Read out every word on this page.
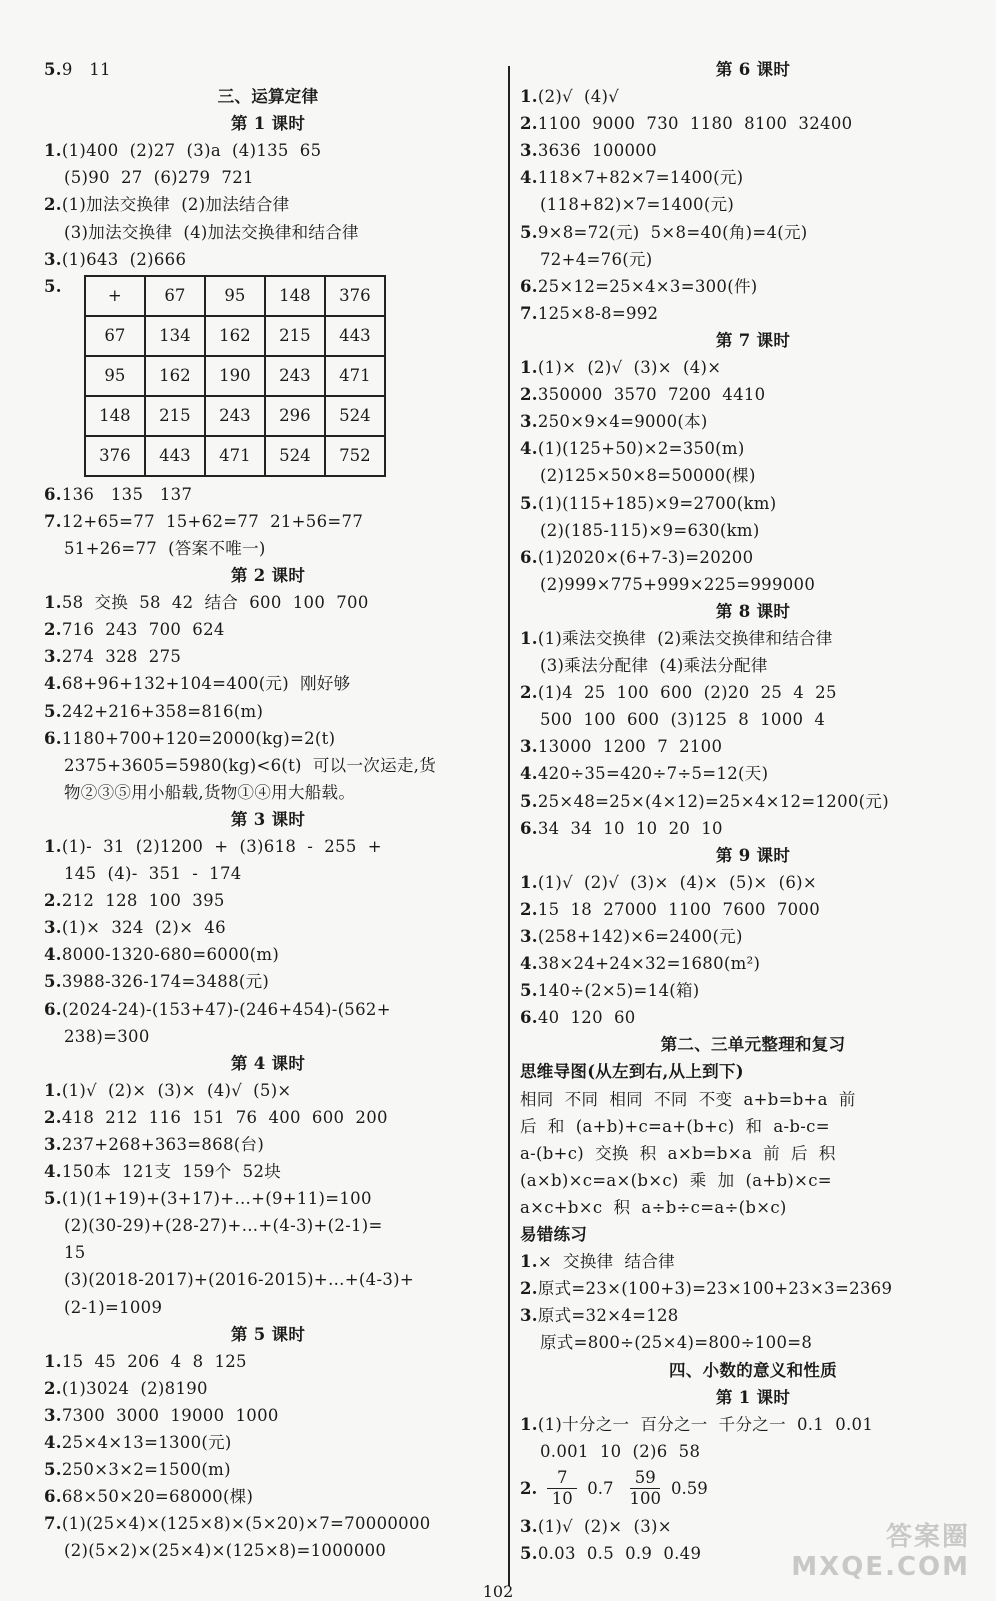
5.9   11
三、运算定律
第 1 课时
1.(1)400  (2)27  (3)a  (4)135  65
(5)90  27  (6)279  721
2.(1)加法交换律  (2)加法结合律
(3)加法交换律  (4)加法交换律和结合律
3.(1)643  (2)666
5.	+	67	95	148	376
67	134	162	215	443
95	162	190	243	471
148	215	243	296	524
376	443	471	524	752
6.136   135   137
7.12+65=77  15+62=77  21+56=77
51+26=77  (答案不唯一)
第 2 课时
1.58  交换  58  42  结合  600  100  700
2.716  243  700  624
3.274  328  275
4.68+96+132+104=400(元)  刚好够
5.242+216+358=816(m)
6.1180+700+120=2000(kg)=2(t)
2375+3605=5980(kg)<6(t)  可以一次运走,货
物②③⑤用小船载,货物①④用大船载。
第 3 课时
1.(1)-  31  (2)1200  +  (3)618  -  255  +
145  (4)-  351  -  174
2.212  128  100  395
3.(1)×  324  (2)×  46
4.8000-1320-680=6000(m)
5.3988-326-174=3488(元)
6.(2024-24)-(153+47)-(246+454)-(562+
238)=300
第 4 课时
1.(1)√  (2)×  (3)×  (4)√  (5)×
2.418  212  116  151  76  400  600  200
3.237+268+363=868(台)
4.150本  121支  159个  52块
5.(1)(1+19)+(3+17)+…+(9+11)=100
(2)(30-29)+(28-27)+…+(4-3)+(2-1)=
15
(3)(2018-2017)+(2016-2015)+…+(4-3)+
(2-1)=1009
第 5 课时
1.15  45  206  4  8  125
2.(1)3024  (2)8190
3.7300  3000  19000  1000
4.25×4×13=1300(元)
5.250×3×2=1500(m)
6.68×50×20=68000(棵)
7.(1)(25×4)×(125×8)×(5×20)×7=70000000
(2)(5×2)×(25×4)×(125×8)=1000000
第 6 课时
1.(2)√  (4)√
2.1100  9000  730  1180  8100  32400
3.3636  100000
4.118×7+82×7=1400(元)
(118+82)×7=1400(元)
5.9×8=72(元)  5×8=40(角)=4(元)
72+4=76(元)
6.25×12=25×4×3=300(件)
7.125×8-8=992
第 7 课时
1.(1)×  (2)√  (3)×  (4)×
2.350000  3570  7200  4410
3.250×9×4=9000(本)
4.(1)(125+50)×2=350(m)
(2)125×50×8=50000(棵)
5.(1)(115+185)×9=2700(km)
(2)(185-115)×9=630(km)
6.(1)2020×(6+7-3)=20200
(2)999×775+999×225=999000
第 8 课时
1.(1)乘法交换律  (2)乘法交换律和结合律
(3)乘法分配律  (4)乘法分配律
2.(1)4  25  100  600  (2)20  25  4  25
500  100  600  (3)125  8  1000  4
3.13000  1200  7  2100
4.420÷35=420÷7÷5=12(天)
5.25×48=25×(4×12)=25×4×12=1200(元)
6.34  34  10  10  20  10
第 9 课时
1.(1)√  (2)√  (3)×  (4)×  (5)×  (6)×
2.15  18  27000  1100  7600  7000
3.(258+142)×6=2400(元)
4.38×24+24×32=1680(m²)
5.140÷(2×5)=14(箱)
6.40  120  60
第二、三单元整理和复习
思维导图(从左到右,从上到下)
相同  不同  相同  不同  不变  a+b=b+a  前
后  和  (a+b)+c=a+(b+c)  和  a-b-c=
a-(b+c)  交换  积  a×b=b×a  前  后  积
(a×b)×c=a×(b×c)  乘  加  (a+b)×c=
a×c+b×c  积  a÷b÷c=a÷(b×c)
易错练习
1.×  交换律  结合律
2.原式=23×(100+3)=23×100+23×3=2369
3.原式=32×4=128
原式=800÷(25×4)=800÷100=8
四、小数的意义和性质
第 1 课时
1.(1)十分之一  百分之一  千分之一  0.1  0.01
0.001  10  (2)6  58
2. $\frac{7}{10} 0.7 \frac{59}{100} 0.59$
3.(1)√  (2)×  (3)×
5.0.03  0.5  0.9  0.49
102
答案圈
MXQE.COM
